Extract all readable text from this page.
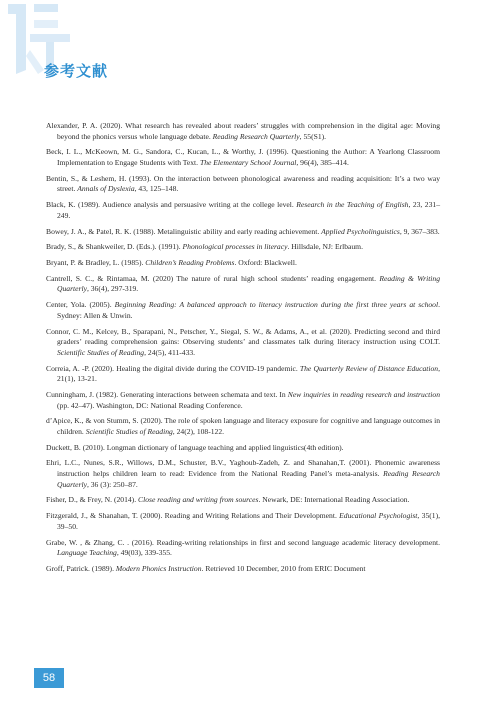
参考文献
Alexander, P. A. (2020). What research has revealed about readers’ struggles with comprehension in the digital age: Moving beyond the phonics versus whole language debate. Reading Research Quarterly, 55(S1).
Beck, I. L., McKeown, M. G., Sandora, C., Kucan, L., & Worthy, J. (1996). Questioning the Author: A Yearlong Classroom Implementation to Engage Students with Text. The Elementary School Journal, 96(4), 385–414.
Bentin, S., & Leshem, H. (1993). On the interaction between phonological awareness and reading acquisition: It’s a two way street. Annals of Dyslexia, 43, 125–148.
Black, K. (1989). Audience analysis and persuasive writing at the college level. Research in the Teaching of English, 23, 231–249.
Bowey, J. A., & Patel, R. K. (1988). Metalinguistic ability and early reading achievement. Applied Psycholinguistics, 9, 367–383.
Brady, S., & Shankweiler, D. (Eds.). (1991). Phonological processes in literacy. Hillsdale, NJ: Erlbaum.
Bryant, P. & Bradley, L. (1985). Children’s Reading Problems. Oxford: Blackwell.
Cantrell, S. C., & Rintamaa, M. (2020) The nature of rural high school students’ reading engagement. Reading & Writing Quarterly, 36(4), 297-319.
Center, Yola. (2005). Beginning Reading: A balanced approach to literacy instruction during the first three years at school. Sydney: Allen & Unwin.
Connor, C. M., Kelcey, B., Sparapani, N., Petscher, Y., Siegal, S. W., & Adams, A., et al. (2020). Predicting second and third graders’ reading comprehension gains: Observing students’ and classmates talk during literacy instruction using COLT. Scientific Studies of Reading, 24(5), 411-433.
Correia, A. -P. (2020). Healing the digital divide during the COVID-19 pandemic. The Quarterly Review of Distance Education, 21(1), 13-21.
Cunningham, J. (1982). Generating interactions between schemata and text. In New inquiries in reading research and instruction (pp. 42–47). Washington, DC: National Reading Conference.
d’Apice, K., & von Stumm, S. (2020). The role of spoken language and literacy exposure for cognitive and language outcomes in children. Scientific Studies of Reading, 24(2), 108-122.
Duckett, B. (2010). Longman dictionary of language teaching and applied linguistics(4th edition).
Ehri, L.C., Nunes, S.R., Willows, D.M., Schuster, B.V., Yaghoub-Zadeh, Z. and Shanahan,T. (2001). Phonemic awareness instruction helps children learn to read: Evidence from the National Reading Panel’s meta-analysis. Reading Research Quarterly, 36 (3): 250–87.
Fisher, D., & Frey, N. (2014). Close reading and writing from sources. Newark, DE: International Reading Association.
Fitzgerald, J., & Shanahan, T. (2000). Reading and Writing Relations and Their Development. Educational Psychologist, 35(1), 39–50.
Grabe, W. , & Zhang, C. . (2016). Reading-writing relationships in first and second language academic literacy development. Language Teaching, 49(03), 339-355.
Groff, Patrick. (1989). Modern Phonics Instruction. Retrieved 10 December, 2010 from ERIC Document
58
